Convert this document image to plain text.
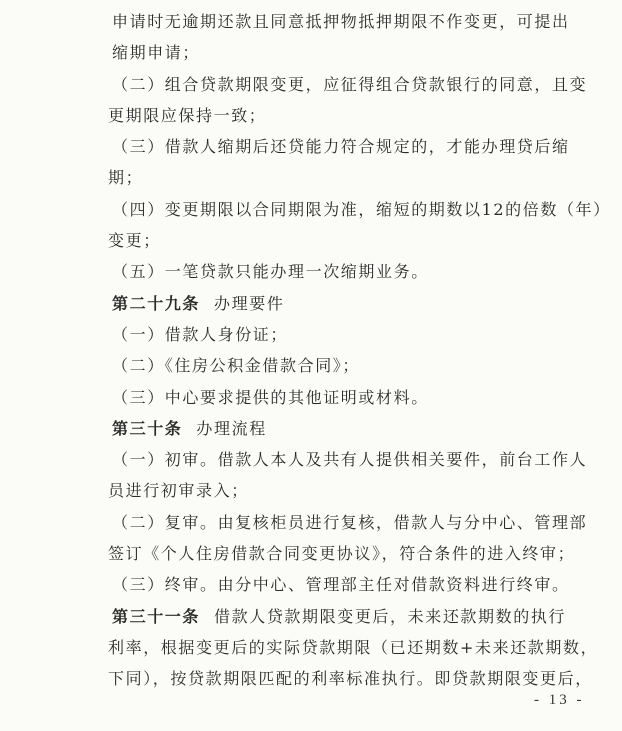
申请时无逾期还款且同意抵押物抵押期限不作变更，可提出
缩期申请；
（二）组合贷款期限变更，应征得组合贷款银行的同意，且变
更期限应保持一致；
（三）借款人缩期后还贷能力符合规定的，才能办理贷后缩
期；
（四）变更期限以合同期限为准，缩短的期数以12的倍数（年）
变更；
（五）一笔贷款只能办理一次缩期业务。
第二十九条 办理要件
（一）借款人身份证；
（二）《住房公积金借款合同》；
（三）中心要求提供的其他证明或材料。
第三十条 办理流程
（一）初审。借款人本人及共有人提供相关要件，前台工作人
员进行初审录入；
（二）复审。由复核柜员进行复核，借款人与分中心、管理部
签订《个人住房借款合同变更协议》，符合条件的进入终审；
（三）终审。由分中心、管理部主任对借款资料进行终审。
第三十一条 借款人贷款期限变更后，未来还款期数的执行
利率，根据变更后的实际贷款期限（已还期数+未来还款期数，
下同），按贷款期限匹配的利率标准执行。即贷款期限变更后，
- 13 -
